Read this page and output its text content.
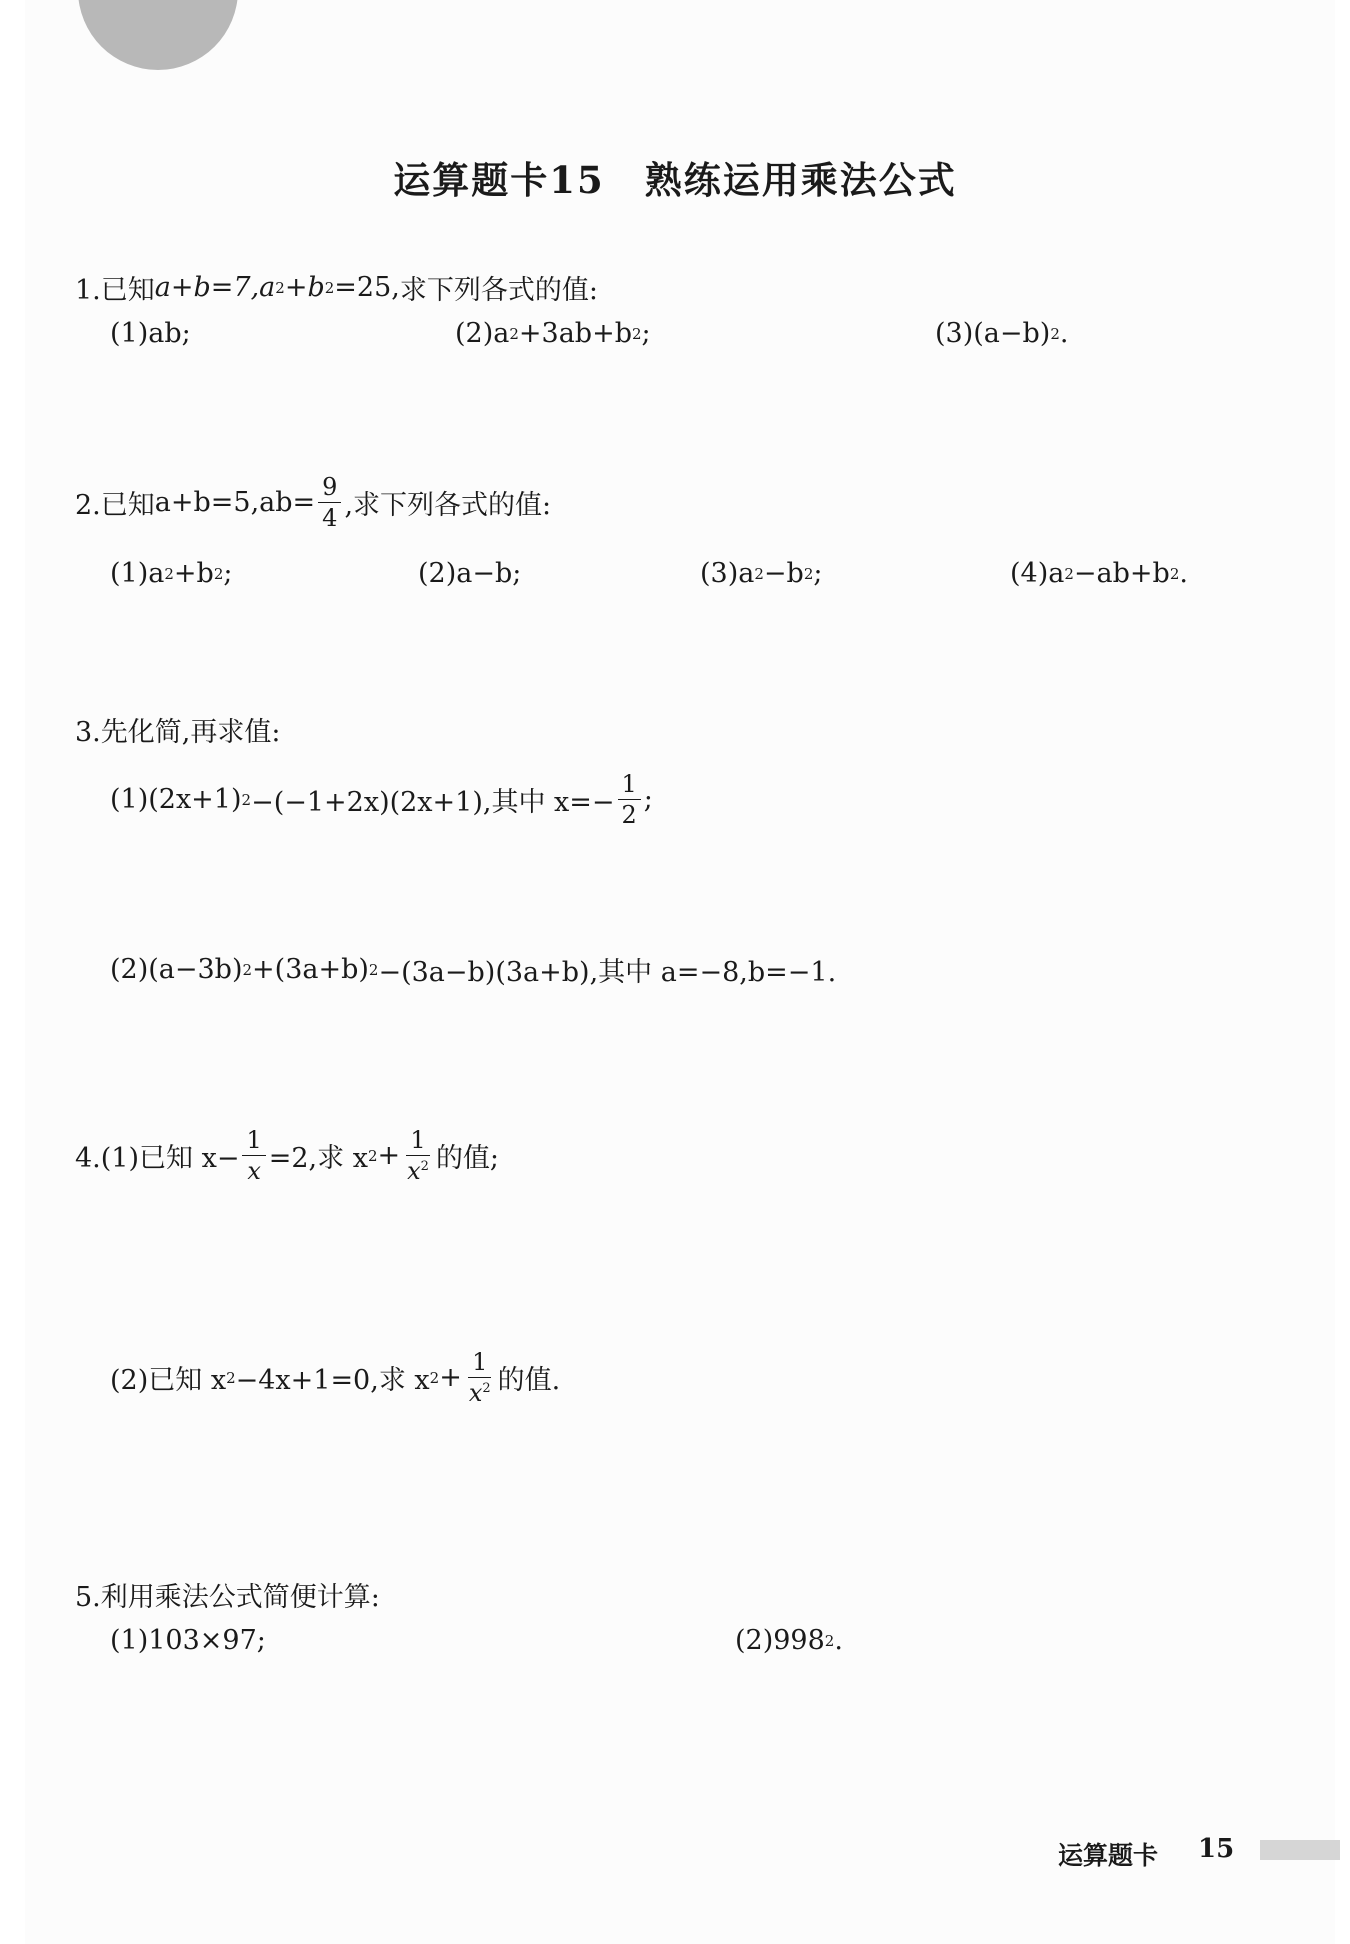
运算题卡15 熟练运用乘法公式
1.已知 a+b=7, a 2 + b 2 =25, 求下列各式的值:
(1)ab;	(2)a 2 +3ab+b 2 ;	(3)(a−b) 2 .
2.已知 $a+b=5,ab= \frac{9}{4}$ ,求下列各式的值:
(1)a 2 +b 2 ;	(2)a−b;	(3)a 2 −b 2 ;	(4)a 2 −ab+b 2 .
3.先化简,再求值:
(1)(2x+1) 2 −(−1+2x)(2x+1),其中 $x=- \frac{1}{2}$ ;
(2)(a−3b) 2 +(3a+b) 2 −(3a−b)(3a+b),其中 a=−8,b=−1.
4.(1)已知 $x- \frac{1}{x} =2$,求 x $2 + \frac{1}{x^2}$ 的值;
(2)已知 x 2 −4x+1=0,求 x $2 + \frac{1}{x^2}$ 的值.
5.利用乘法公式简便计算:
(1)103×97;	(2)998 2 .
运算题卡 15
